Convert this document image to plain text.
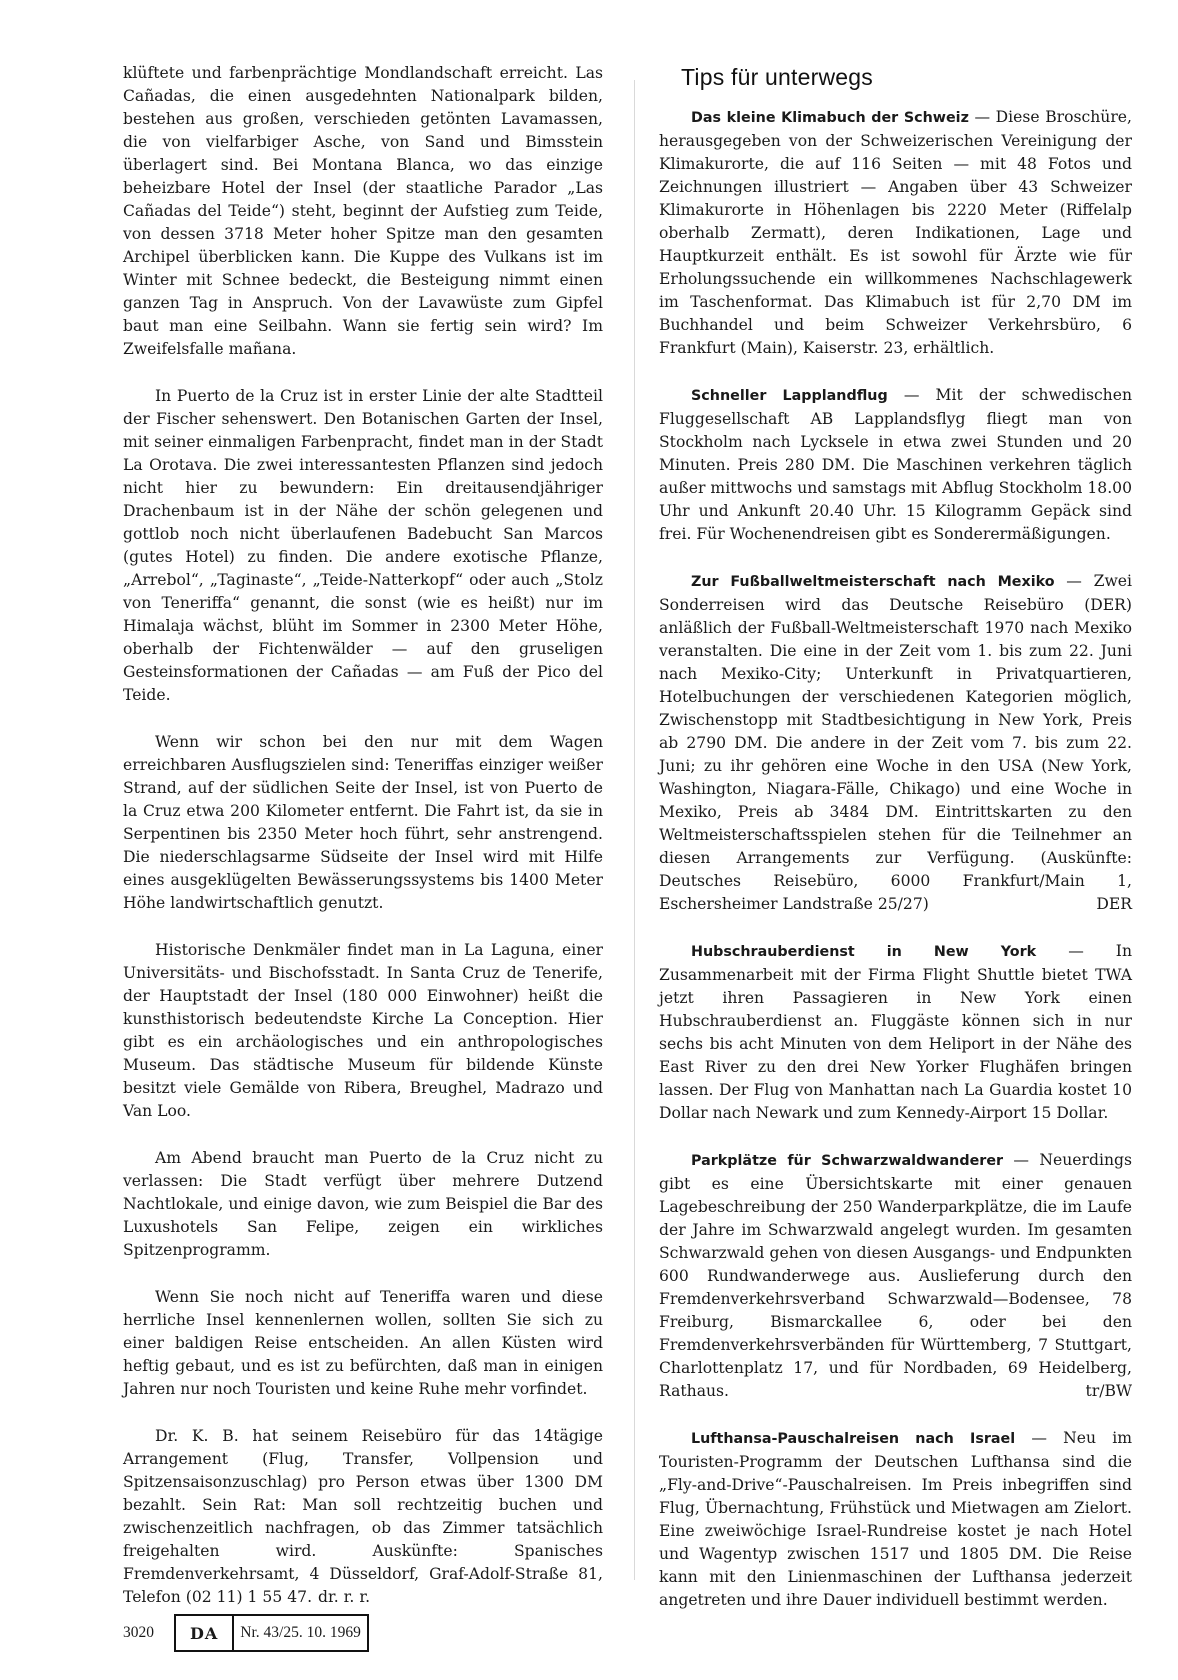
klüftete und farbenprächtige Mondlandschaft erreicht. Las Cañadas, die einen ausgedehnten Nationalpark bilden, bestehen aus großen, verschieden getönten Lavamassen, die von vielfarbiger Asche, von Sand und Bimsstein überlagert sind. Bei Montana Blanca, wo das einzige beheizbare Hotel der Insel (der staatliche Parador „Las Cañadas del Teide“) steht, beginnt der Aufstieg zum Teide, von dessen 3718 Meter hoher Spitze man den gesamten Archipel überblicken kann. Die Kuppe des Vulkans ist im Winter mit Schnee bedeckt, die Besteigung nimmt einen ganzen Tag in Anspruch. Von der Lavawüste zum Gipfel baut man eine Seilbahn. Wann sie fertig sein wird? Im Zweifelsfalle mañana.

In Puerto de la Cruz ist in erster Linie der alte Stadtteil der Fischer sehenswert. Den Botanischen Garten der Insel, mit seiner einmaligen Farbenpracht, findet man in der Stadt La Orotava. Die zwei interessantesten Pflanzen sind jedoch nicht hier zu bewundern: Ein dreitausendjähriger Drachenbaum ist in der Nähe der schön gelegenen und gottlob noch nicht überlaufenen Badebucht San Marcos (gutes Hotel) zu finden. Die andere exotische Pflanze, „Arrebol“, „Taginaste“, „Teide-Natterkopf“ oder auch „Stolz von Teneriffa“ genannt, die sonst (wie es heißt) nur im Himalaja wächst, blüht im Sommer in 2300 Meter Höhe, oberhalb der Fichtenwälder — auf den gruseligen Gesteinsformationen der Cañadas — am Fuß der Pico del Teide.

Wenn wir schon bei den nur mit dem Wagen erreichbaren Ausflugszielen sind: Teneriffas einziger weißer Strand, auf der südlichen Seite der Insel, ist von Puerto de la Cruz etwa 200 Kilometer entfernt. Die Fahrt ist, da sie in Serpentinen bis 2350 Meter hoch führt, sehr anstrengend. Die niederschlagsarme Südseite der Insel wird mit Hilfe eines ausgeklügelten Bewässerungssystems bis 1400 Meter Höhe landwirtschaftlich genutzt.

Historische Denkmäler findet man in La Laguna, einer Universitäts- und Bischofsstadt. In Santa Cruz de Tenerife, der Hauptstadt der Insel (180 000 Einwohner) heißt die kunsthistorisch bedeutendste Kirche La Conception. Hier gibt es ein archäologisches und ein anthropologisches Museum. Das städtische Museum für bildende Künste besitzt viele Gemälde von Ribera, Breughel, Madrazo und Van Loo.

Am Abend braucht man Puerto de la Cruz nicht zu verlassen: Die Stadt verfügt über mehrere Dutzend Nachtlokale, und einige davon, wie zum Beispiel die Bar des Luxushotels San Felipe, zeigen ein wirkliches Spitzenprogramm.

Wenn Sie noch nicht auf Teneriffa waren und diese herrliche Insel kennenlernen wollen, sollten Sie sich zu einer baldigen Reise entscheiden. An allen Küsten wird heftig gebaut, und es ist zu befürchten, daß man in einigen Jahren nur noch Touristen und keine Ruhe mehr vorfindet.

Dr. K. B. hat seinem Reisebüro für das 14tägige Arrangement (Flug, Transfer, Vollpension und Spitzensaisonzuschlag) pro Person etwas über 1300 DM bezahlt. Sein Rat: Man soll rechtzeitig buchen und zwischenzeitlich nachfragen, ob das Zimmer tatsächlich freigehalten wird. Auskünfte: Spanisches Fremdenverkehrsamt, 4 Düsseldorf, Graf-Adolf-Straße 81, Telefon (02 11) 1 55 47. dr. r. r.

Tips für unterwegs

Das kleine Klimabuch der Schweiz — Diese Broschüre, herausgegeben von der Schweizerischen Vereinigung der Klimakurorte, die auf 116 Seiten — mit 48 Fotos und Zeichnungen illustriert — Angaben über 43 Schweizer Klimakurorte in Höhenlagen bis 2220 Meter (Riffelalp oberhalb Zermatt), deren Indikationen, Lage und Hauptkurzeit enthält. Es ist sowohl für Ärzte wie für Erholungssuchende ein willkommenes Nachschlagewerk im Taschenformat. Das Klimabuch ist für 2,70 DM im Buchhandel und beim Schweizer Verkehrsbüro, 6 Frankfurt (Main), Kaiserstr. 23, erhältlich.

Schneller Lapplandflug — Mit der schwedischen Fluggesellschaft AB Lapplandsflyg fliegt man von Stockholm nach Lycksele in etwa zwei Stunden und 20 Minuten. Preis 280 DM. Die Maschinen verkehren täglich außer mittwochs und samstags mit Abflug Stockholm 18.00 Uhr und Ankunft 20.40 Uhr. 15 Kilogramm Gepäck sind frei. Für Wochenendreisen gibt es Sonderermäßigungen.

Zur Fußballweltmeisterschaft nach Mexiko — Zwei Sonderreisen wird das Deutsche Reisebüro (DER) anläßlich der Fußball-Weltmeisterschaft 1970 nach Mexiko veranstalten. Die eine in der Zeit vom 1. bis zum 22. Juni nach Mexiko-City; Unterkunft in Privatquartieren, Hotelbuchungen der verschiedenen Kategorien möglich, Zwischenstopp mit Stadtbesichtigung in New York, Preis ab 2790 DM. Die andere in der Zeit vom 7. bis zum 22. Juni; zu ihr gehören eine Woche in den USA (New York, Washington, Niagara-Fälle, Chikago) und eine Woche in Mexiko, Preis ab 3484 DM. Eintrittskarten zu den Weltmeisterschaftsspielen stehen für die Teilnehmer an diesen Arrangements zur Verfügung. (Auskünfte: Deutsches Reisebüro, 6000 Frankfurt/Main 1, Eschersheimer Landstraße 25/27)	DER

Hubschrauberdienst in New York — In Zusammenarbeit mit der Firma Flight Shuttle bietet TWA jetzt ihren Passagieren in New York einen Hubschrauberdienst an. Fluggäste können sich in nur sechs bis acht Minuten von dem Heliport in der Nähe des East River zu den drei New Yorker Flughäfen bringen lassen. Der Flug von Manhattan nach La Guardia kostet 10 Dollar nach Newark und zum Kennedy-Airport 15 Dollar.

Parkplätze für Schwarzwaldwanderer — Neuerdings gibt es eine Übersichtskarte mit einer genauen Lagebeschreibung der 250 Wanderparkplätze, die im Laufe der Jahre im Schwarzwald angelegt wurden. Im gesamten Schwarzwald gehen von diesen Ausgangs- und Endpunkten 600 Rundwanderwege aus. Auslieferung durch den Fremdenverkehrsverband Schwarzwald—Bodensee, 78 Freiburg, Bismarckallee 6, oder bei den Fremdenverkehrsverbänden für Württemberg, 7 Stuttgart, Charlottenplatz 17, und für Nordbaden, 69 Heidelberg, Rathaus.	tr/BW

Lufthansa-Pauschalreisen nach Israel — Neu im Touristen-Programm der Deutschen Lufthansa sind die „Fly-and-Drive“-Pauschalreisen. Im Preis inbegriffen sind Flug, Übernachtung, Frühstück und Mietwagen am Zielort. Eine zweiwöchige Israel-Rundreise kostet je nach Hotel und Wagentyp zwischen 1517 und 1805 DM. Die Reise kann mit den Linienmaschinen der Lufthansa jederzeit angetreten und ihre Dauer individuell bestimmt werden.

3020	DA	Nr. 43/25. 10. 1969
